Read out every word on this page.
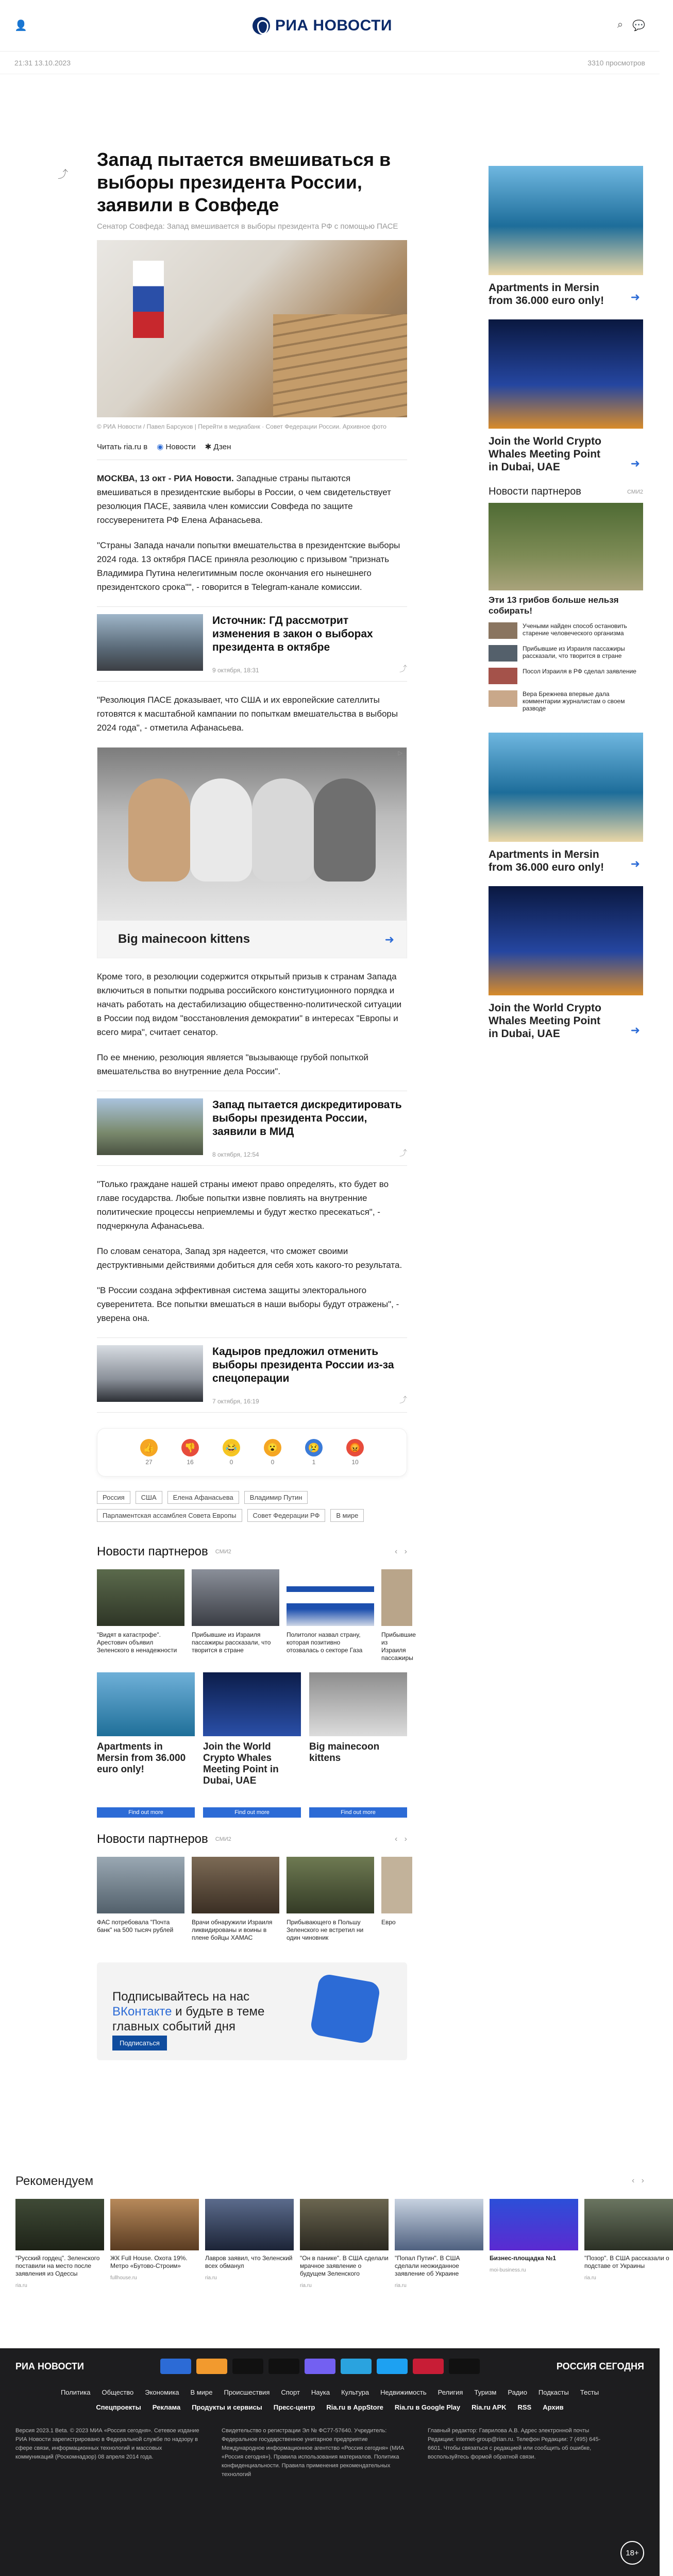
👤	РИА НОВОСТИ	⌕ 💬
21:31 13.10.2023	3310 просмотров
⤴
Запад пытается вмешиваться в выборы президента России, заявили в Совфеде
Сенатор Совфеда: Запад вмешивается в выборы президента РФ с помощью ПАСЕ
© РИА Новости / Павел Барсуков | Перейти в медиабанк · Совет Федерации России. Архивное фото
Читать ria.ru в ◉ Новости ✱ Дзен

МОСКВА, 13 окт - РИА Новости. Западные страны пытаются вмешиваться в президентские выборы в России, о чем свидетельствует резолюция ПАСЕ, заявила член комиссии Совфеда по защите госсуверенитета РФ Елена Афанасьева.

"Страны Запада начали попытки вмешательства в президентские выборы 2024 года. 13 октября ПАСЕ приняла резолюцию с призывом "признать Владимира Путина нелегитимным после окончания его нынешнего президентского срока"", - говорится в Telegram-канале комиссии.

Источник: ГД рассмотрит изменения в закон о выборах президента в октябре
9 октября, 18:31	⤴

"Резолюция ПАСЕ доказывает, что США и их европейские сателлиты готовятся к масштабной кампании по попыткам вмешательства в выборы 2024 года", - отметила Афанасьева.

▷
Big mainecoon kittens	➜

Кроме того, в резолюции содержится открытый призыв к странам Запада включиться в попытки подрыва российского конституционного порядка и начать работать на дестабилизацию общественно-политической ситуации в России под видом "восстановления демократии" в интересах "Европы и всего мира", считает сенатор.

По ее мнению, резолюция является "вызывающе грубой попыткой вмешательства во внутренние дела России".

Запад пытается дискредитировать выборы президента России, заявили в МИД
8 октября, 12:54	⤴

"Только граждане нашей страны имеют право определять, кто будет во главе государства. Любые попытки извне повлиять на внутренние политические процессы неприемлемы и будут жестко пресекаться", - подчеркнула Афанасьева.

По словам сенатора, Запад зря надеется, что сможет своими деструктивными действиями добиться для себя хоть какого-то результата.

"В России создана эффективная система защиты электорального суверенитета. Все попытки вмешаться в наши выборы будут отражены", - уверена она.

Кадыров предложил отменить выборы президента России из-за спецоперации
7 октября, 16:19	⤴
👍
27
👎
16
😂
0
😮
0
😢
1
😡
10
Россия	США	Елена Афанасьева	Владимир Путин
Парламентская ассамблея Совета Европы	Совет Федерации РФ	В мире
Новости партнеров СМИ2	‹   ›
"Видят в катастрофе". Арестович объявил Зеленского в ненадежности
Прибывшие из Израиля пассажиры рассказали, что творится в стране
Политолог назвал страну, которая позитивно отозвалась о секторе Газа
Прибывшие из Израиля пассажиры
Apartments in Mersin from 36.000 euro only!
Find out more
Join the World Crypto Whales Meeting Point in Dubai, UAE
Find out more
Big mainecoon kittens
Find out more
Новости партнеров СМИ2	‹   ›
ФАС потребовала "Почта банк" на 500 тысяч рублей
Врачи обнаружили Израиля ликвидированы и воины в плене бойцы ХАМАС
Прибывающего в Польшу Зеленского не встретил ни один чиновник
Евро
Подписывайтесь на нас
ВКонтакте и будьте в теме главных событий дня
Подписаться
Apartments in Mersin from 36.000 euro only!	➜
Join the World Crypto Whales Meeting Point in Dubai, UAE	➜
Новости партнеров	СМИ2
Эти 13 грибов больше нельзя собирать!
Учеными найден способ остановить старение человеческого организма
Прибывшие из Израиля пассажиры рассказали, что творится в стране
Посол Израиля в РФ сделал заявление
Вера Брежнева впервые дала комментарии журналистам о своем разводе
Apartments in Mersin from 36.000 euro only!	➜
Join the World Crypto Whales Meeting Point in Dubai, UAE	➜
Рекомендуем	‹   ›
"Русский гордец". Зеленского поставили на место после заявления из Одессы
ria.ru
ЖК Full House. Охота 19%. Метро «Бутово-Строим»
fullhouse.ru
Лавров заявил, что Зеленский всех обманул
ria.ru
"Он в панике". В США сделали мрачное заявление о будущем Зеленского
ria.ru
"Попал Путин". В США сделали неожиданное заявление об Украине
ria.ru
Бизнес-площадка №1
moi-business.ru
"Позор". В США рассказали о подставе от Украины
ria.ru
РИА НОВОСТИ	РОССИЯ СЕГОДНЯ
Политика Общество Экономика В мире Происшествия Спорт Наука Культура Недвижимость Религия Туризм Радио Подкасты Тесты
Спецпроекты Реклама Продукты и сервисы Пресс-центр Ria.ru в AppStore Ria.ru в Google Play Ria.ru APK RSS Архив
Версия 2023.1 Beta. © 2023 МИА «Россия сегодня». Сетевое издание РИА Новости зарегистрировано в Федеральной службе по надзору в сфере связи, информационных технологий и массовых коммуникаций (Роскомнадзор) 08 апреля 2014 года.
Свидетельство о регистрации Эл № ФС77-57640. Учредитель: Федеральное государственное унитарное предприятие Международное информационное агентство «Россия сегодня» (МИА «Россия сегодня»). Правила использования материалов. Политика конфиденциальности. Правила применения рекомендательных технологий
Главный редактор: Гаврилова А.В. Адрес электронной почты Редакции: internet-group@rian.ru. Телефон Редакции: 7 (495) 645-6601. Чтобы связаться с редакцией или сообщить об ошибке, воспользуйтесь формой обратной связи.
18+
